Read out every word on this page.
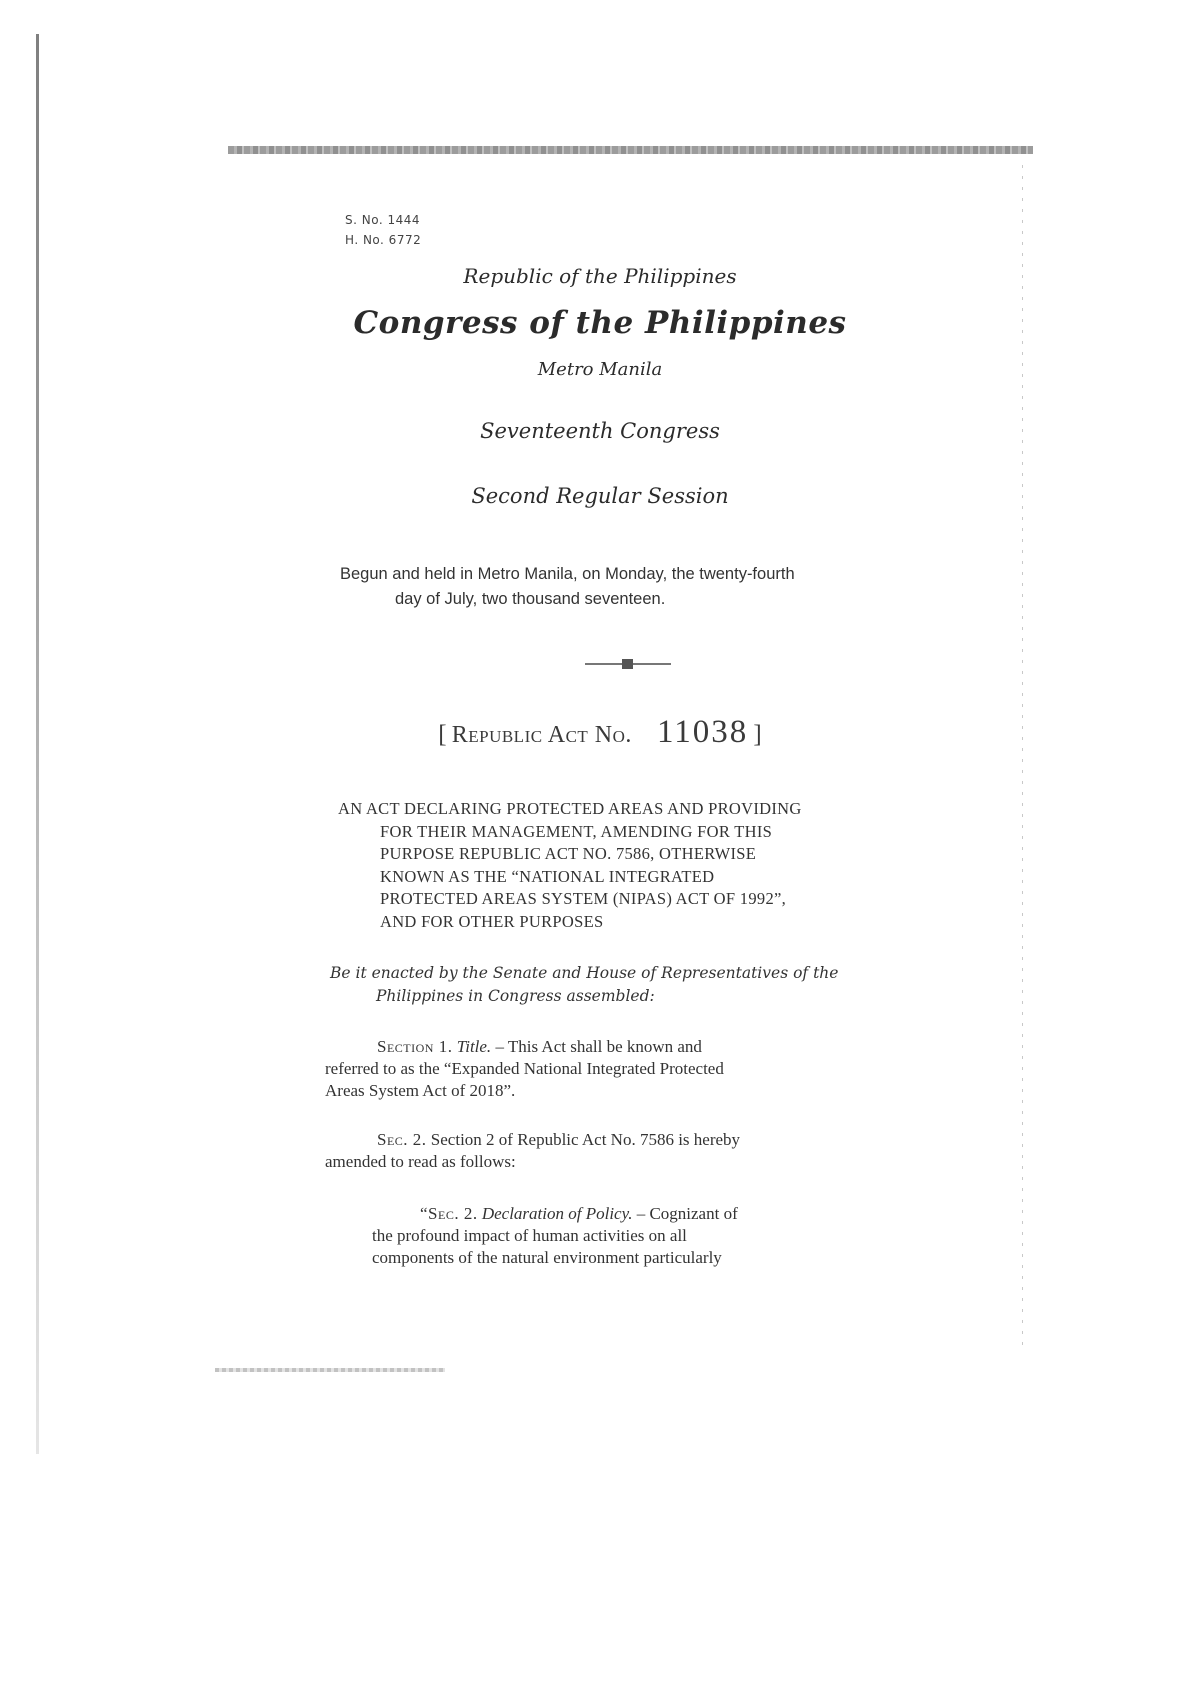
S. No. 1444
H. No. 6772
Republic of the Philippines
Congress of the Philippines
Metro Manila
Seventeenth Congress
Second Regular Session
Begun and held in Metro Manila, on Monday, the twenty-fourth
day of July, two thousand seventeen.
[ Republic Act No. 11038 ]
AN ACT DECLARING PROTECTED AREAS AND PROVIDING
FOR THEIR MANAGEMENT, AMENDING FOR THIS
PURPOSE REPUBLIC ACT NO. 7586, OTHERWISE
KNOWN AS THE “NATIONAL INTEGRATED
PROTECTED AREAS SYSTEM (NIPAS) ACT OF 1992”,
AND FOR OTHER PURPOSES
Be it enacted by the Senate and House of Representatives of the
Philippines in Congress assembled:
Section 1. Title. – This Act shall be known and
referred to as the “Expanded National Integrated Protected
Areas System Act of 2018”.
Sec. 2. Section 2 of Republic Act No. 7586 is hereby
amended to read as follows:
“Sec. 2. Declaration of Policy. – Cognizant of
the profound impact of human activities on all
components of the natural environment particularly
